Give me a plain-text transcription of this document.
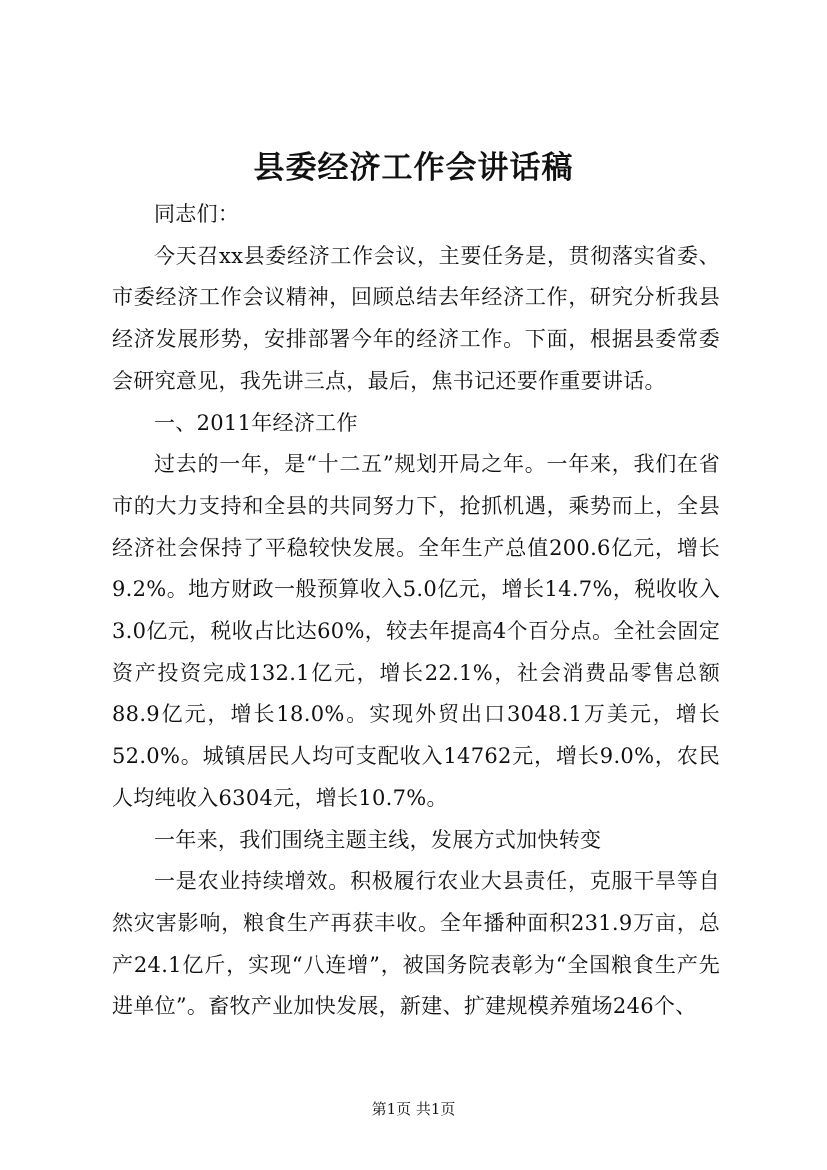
县委经济工作会讲话稿

同志们：

今天召xx县委经济工作会议，主要任务是，贯彻落实省委、市委经济工作会议精神，回顾总结去年经济工作，研究分析我县经济发展形势，安排部署今年的经济工作。下面，根据县委常委会研究意见，我先讲三点，最后，焦书记还要作重要讲话。

一、2011年经济工作

过去的一年，是“十二五”规划开局之年。一年来，我们在省市的大力支持和全县的共同努力下，抢抓机遇，乘势而上，全县经济社会保持了平稳较快发展。全年生产总值200.6亿元，增长9.2%。地方财政一般预算收入5.0亿元，增长14.7%，税收收入3.0亿元，税收占比达60%，较去年提高4个百分点。全社会固定资产投资完成132.1亿元，增长22.1%，社会消费品零售总额88.9亿元，增长18.0%。实现外贸出口3048.1万美元，增长52.0%。城镇居民人均可支配收入14762元，增长9.0%，农民人均纯收入6304元，增长10.7%。

一年来，我们围绕主题主线，发展方式加快转变

一是农业持续增效。积极履行农业大县责任，克服干旱等自然灾害影响，粮食生产再获丰收。全年播种面积231.9万亩，总产24.1亿斤，实现“八连增”，被国务院表彰为“全国粮食生产先进单位”。畜牧产业加快发展，新建、扩建规模养殖场246个、

第1页 共1页
